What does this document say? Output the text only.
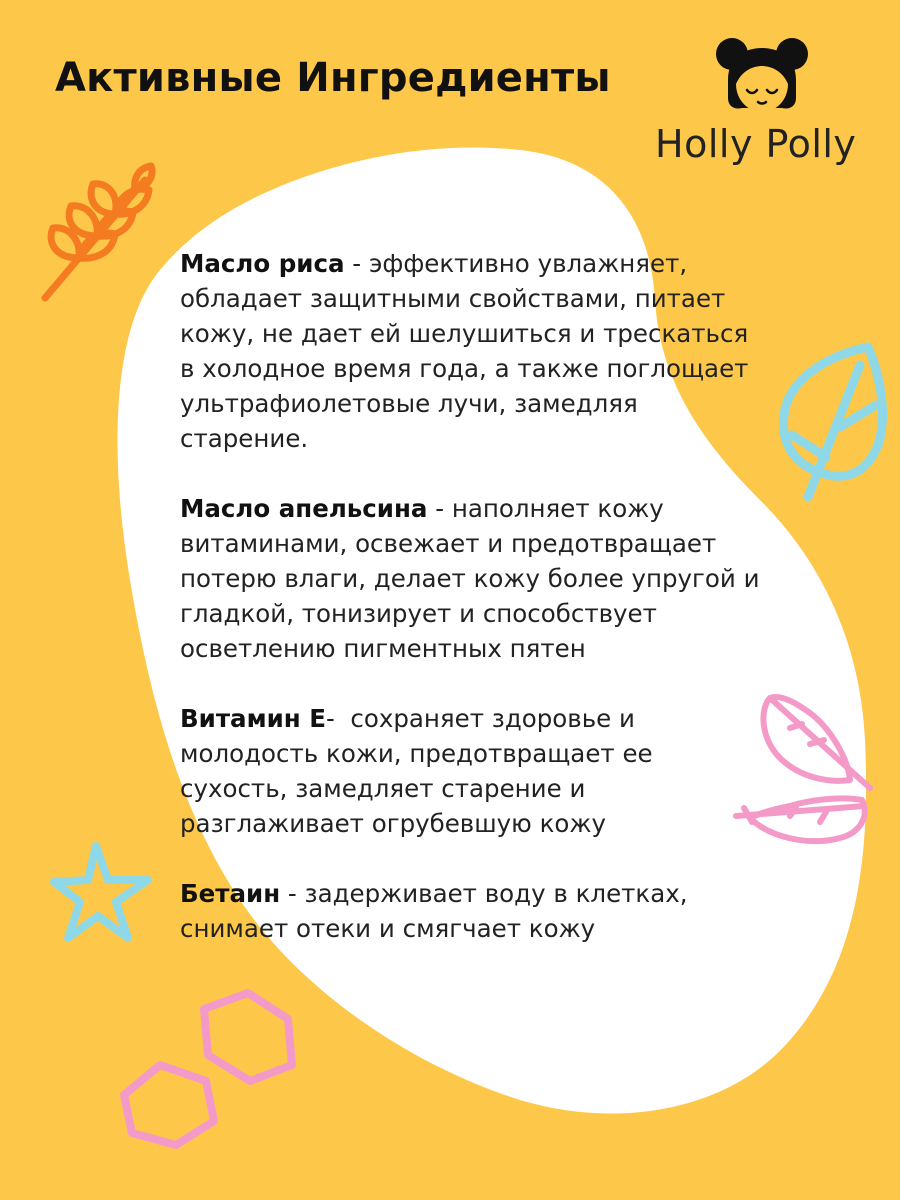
Holly Polly
Активные Ингредиенты

Масло риса - эффективно увлажняет, обладает защитными свойствами, питает кожу, не дает ей шелушиться и трескаться в холодное время года, а также поглощает ультрафиолетовые лучи, замедляя старение.

Масло апельсина - наполняет кожу витаминами, освежает и предотвращает потерю влаги, делает кожу более упругой и гладкой, тонизирует и способствует осветлению пигментных пятен

Витамин Е-  сохраняет здоровье и молодость кожи, предотвращает ее сухость, замедляет старение и разглаживает огрубевшую кожу

Бетаин - задерживает воду в клетках, снимает отеки и смягчает кожу
